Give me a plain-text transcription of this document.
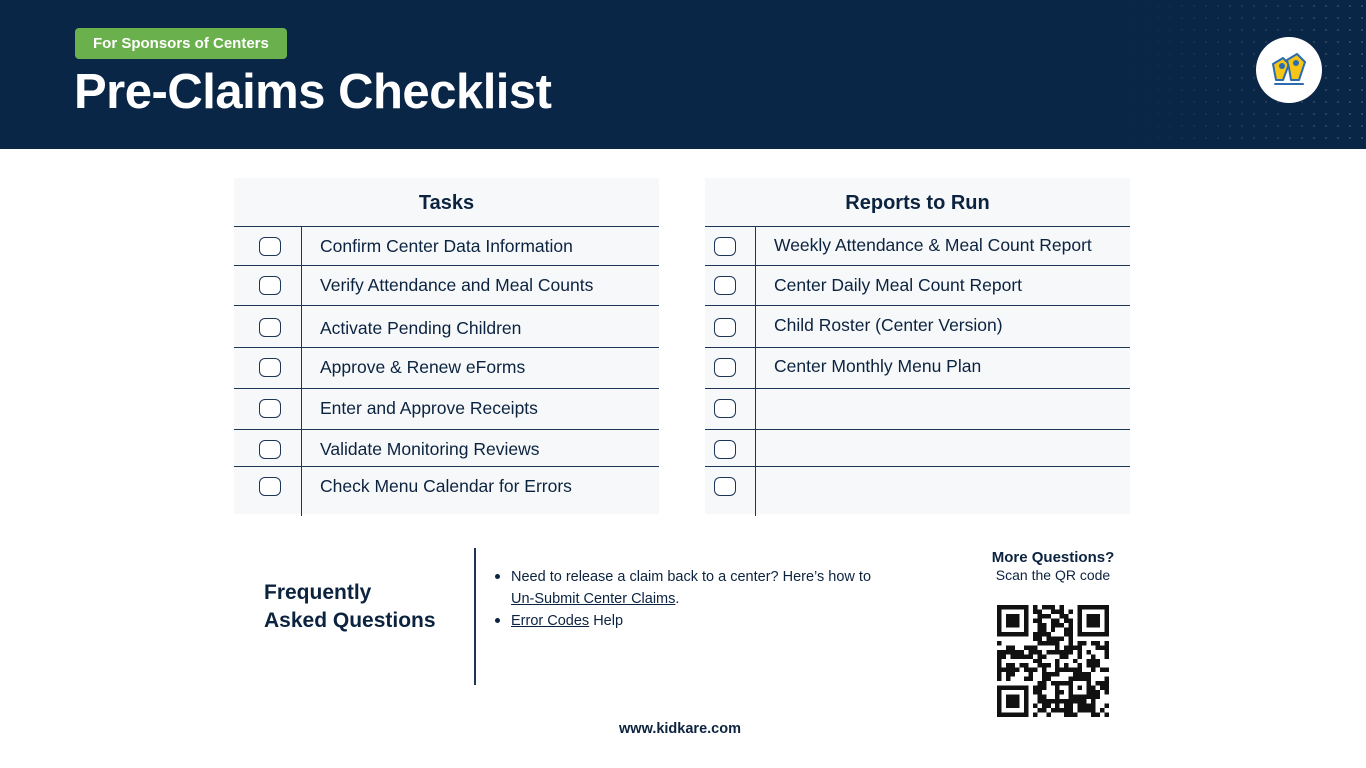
For Sponsors of Centers
Pre-Claims Checklist
Tasks
Confirm Center Data Information
Verify Attendance and Meal Counts
Activate Pending Children
Approve & Renew eForms
Enter and Approve Receipts
Validate Monitoring Reviews
Check Menu Calendar for Errors
Reports to Run
Weekly Attendance & Meal Count Report
Center Daily Meal Count Report
Child Roster (Center Version)
Center Monthly Menu Plan
Frequently
Asked Questions
Need to release a claim back to a center? Here’s how to
Un-Submit Center Claims.
Error Codes Help
More Questions?
Scan the QR code
www.kidkare.com
